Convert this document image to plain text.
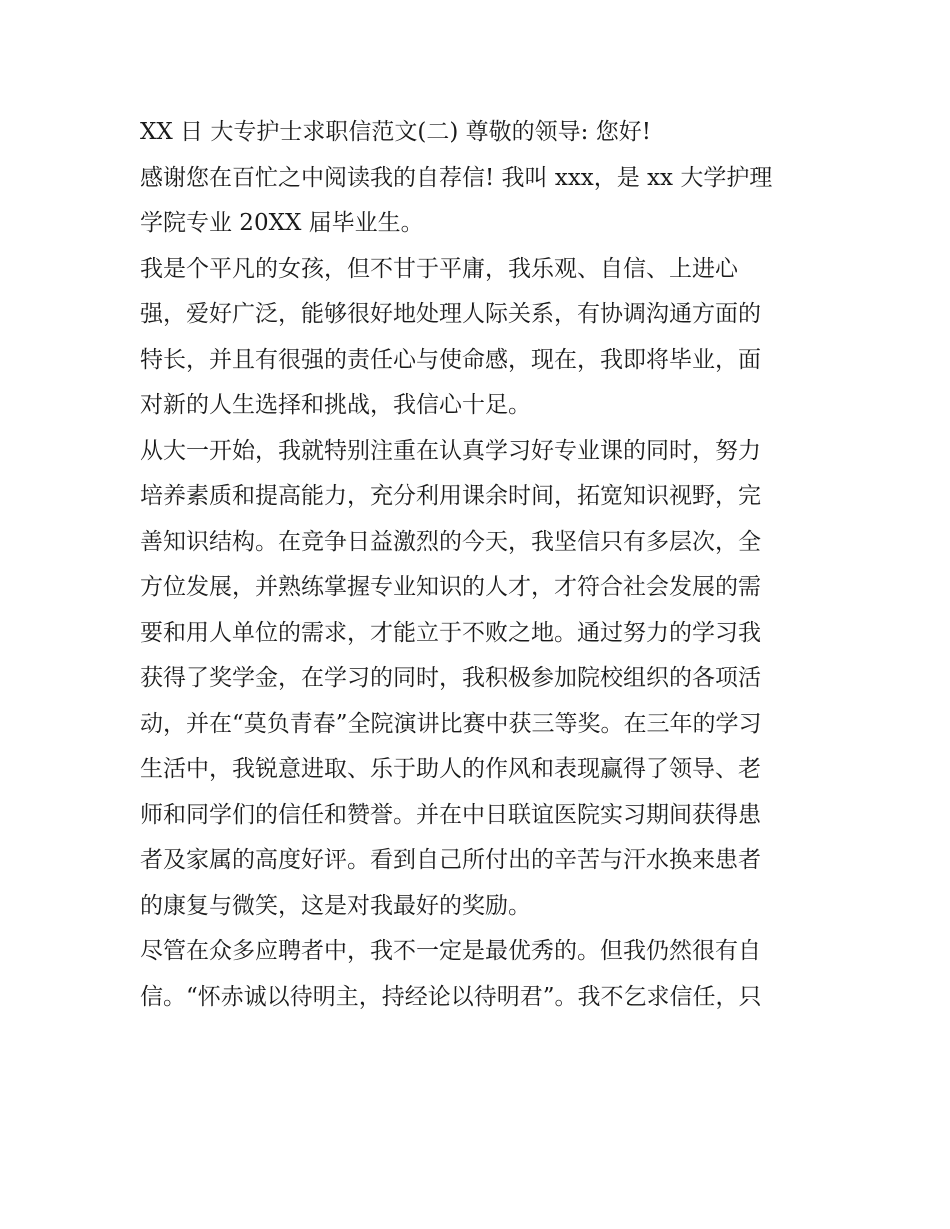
XX 日 大专护士求职信范文(二) 尊敬的领导: 您好!

感谢您在百忙之中阅读我的自荐信! 我叫 xxx，是 xx 大学护理

学院专业 20XX 届毕业生。

我是个平凡的女孩，但不甘于平庸，我乐观、自信、上进心

强，爱好广泛，能够很好地处理人际关系，有协调沟通方面的

特长，并且有很强的责任心与使命感，现在，我即将毕业，面

对新的人生选择和挑战，我信心十足。

从大一开始，我就特别注重在认真学习好专业课的同时，努力

培养素质和提高能力，充分利用课余时间，拓宽知识视野，完

善知识结构。在竞争日益激烈的今天，我坚信只有多层次，全

方位发展，并熟练掌握专业知识的人才，才符合社会发展的需

要和用人单位的需求，才能立于不败之地。通过努力的学习我

获得了奖学金，在学习的同时，我积极参加院校组织的各项活

动，并在“莫负青春”全院演讲比赛中获三等奖。在三年的学习

生活中，我锐意进取、乐于助人的作风和表现赢得了领导、老

师和同学们的信任和赞誉。并在中日联谊医院实习期间获得患

者及家属的高度好评。看到自己所付出的辛苦与汗水换来患者

的康复与微笑，这是对我最好的奖励。

尽管在众多应聘者中，我不一定是最优秀的。但我仍然很有自

信。“怀赤诚以待明主，持经论以待明君”。我不乞求信任，只
